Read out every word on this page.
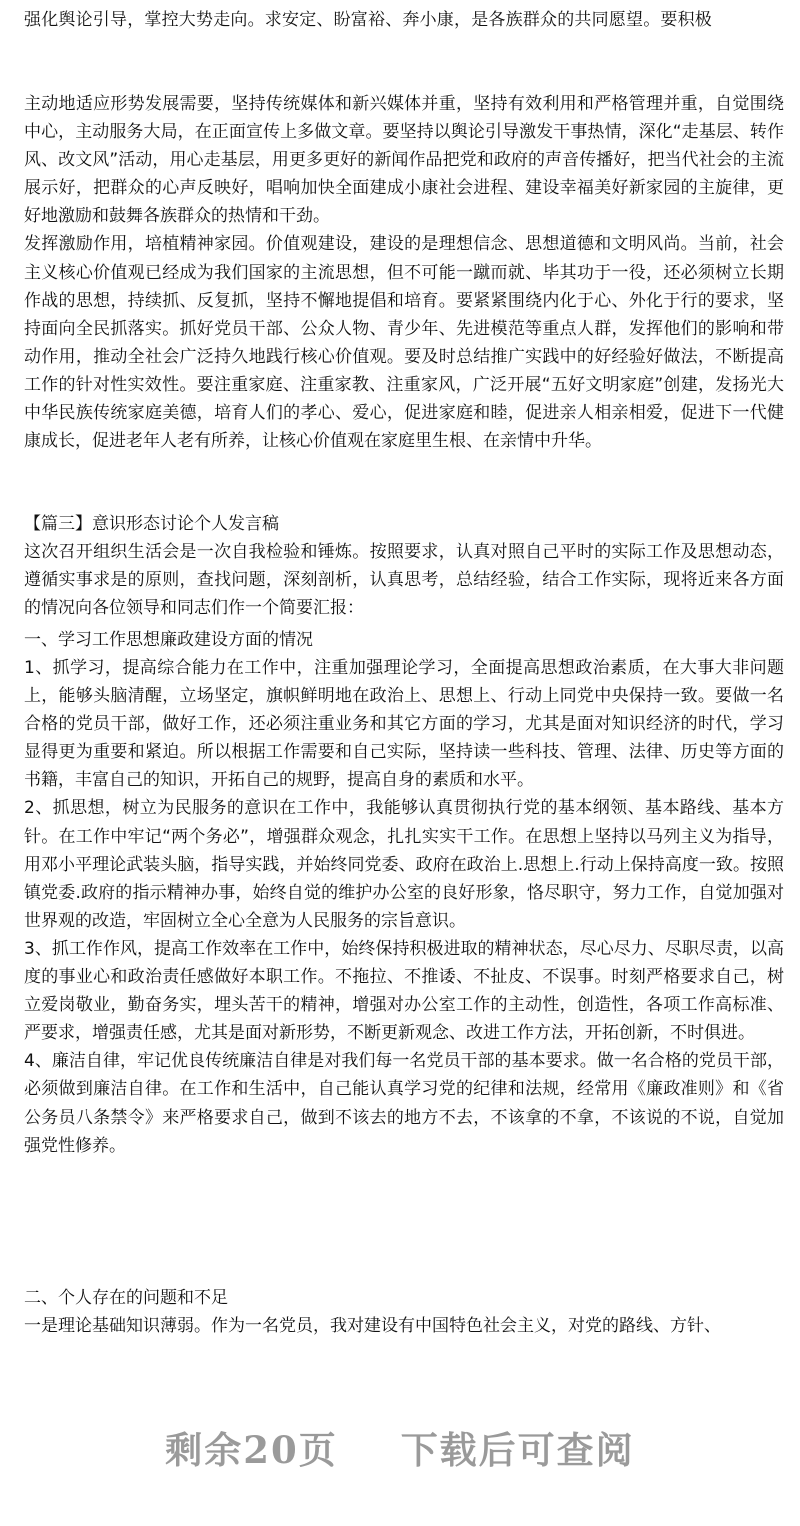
强化舆论引导，掌控大势走向。求安定、盼富裕、奔小康，是各族群众的共同愿望。要积极

主动地适应形势发展需要，坚持传统媒体和新兴媒体并重，坚持有效利用和严格管理并重，自觉围绕中心，主动服务大局，在正面宣传上多做文章。要坚持以舆论引导激发干事热情，深化“走基层、转作风、改文风”活动，用心走基层，用更多更好的新闻作品把党和政府的声音传播好，把当代社会的主流展示好，把群众的心声反映好，唱响加快全面建成小康社会进程、建设幸福美好新家园的主旋律，更好地激励和鼓舞各族群众的热情和干劲。

发挥激励作用，培植精神家园。价值观建设，建设的是理想信念、思想道德和文明风尚。当前，社会主义核心价值观已经成为我们国家的主流思想，但不可能一蹴而就、毕其功于一役，还必须树立长期作战的思想，持续抓、反复抓，坚持不懈地提倡和培育。要紧紧围绕内化于心、外化于行的要求，坚持面向全民抓落实。抓好党员干部、公众人物、青少年、先进模范等重点人群，发挥他们的影响和带动作用，推动全社会广泛持久地践行核心价值观。要及时总结推广实践中的好经验好做法，不断提高工作的针对性实效性。要注重家庭、注重家教、注重家风，广泛开展“五好文明家庭”创建，发扬光大中华民族传统家庭美德，培育人们的孝心、爱心，促进家庭和睦，促进亲人相亲相爱，促进下一代健康成长，促进老年人老有所养，让核心价值观在家庭里生根、在亲情中升华。

【篇三】意识形态讨论个人发言稿

这次召开组织生活会是一次自我检验和锤炼。按照要求，认真对照自己平时的实际工作及思想动态，遵循实事求是的原则，查找问题，深刻剖析，认真思考，总结经验，结合工作实际，现将近来各方面的情况向各位领导和同志们作一个简要汇报：

一、学习工作思想廉政建设方面的情况

1、抓学习，提高综合能力在工作中，注重加强理论学习，全面提高思想政治素质，在大事大非问题上，能够头脑清醒，立场坚定，旗帜鲜明地在政治上、思想上、行动上同党中央保持一致。要做一名合格的党员干部，做好工作，还必须注重业务和其它方面的学习，尤其是面对知识经济的时代，学习显得更为重要和紧迫。所以根据工作需要和自己实际，坚持读一些科技、管理、法律、历史等方面的书籍，丰富自己的知识，开拓自己的规野，提高自身的素质和水平。

2、抓思想，树立为民服务的意识在工作中，我能够认真贯彻执行党的基本纲领、基本路线、基本方针。在工作中牢记“两个务必”，增强群众观念，扎扎实实干工作。在思想上坚持以马列主义为指导，用邓小平理论武装头脑，指导实践，并始终同党委、政府在政治上.思想上.行动上保持高度一致。按照镇党委.政府的指示精神办事，始终自觉的维护办公室的良好形象，恪尽职守，努力工作，自觉加强对世界观的改造，牢固树立全心全意为人民服务的宗旨意识。

3、抓工作作风，提高工作效率在工作中，始终保持积极进取的精神状态，尽心尽力、尽职尽责，以高度的事业心和政治责任感做好本职工作。不拖拉、不推诿、不扯皮、不误事。时刻严格要求自己，树立爱岗敬业，勤奋务实，埋头苦干的精神，增强对办公室工作的主动性，创造性，各项工作高标准、严要求，增强责任感，尤其是面对新形势，不断更新观念、改进工作方法，开拓创新，不时俱进。

4、廉洁自律，牢记优良传统廉洁自律是对我们每一名党员干部的基本要求。做一名合格的党员干部，必须做到廉洁自律。在工作和生活中，自己能认真学习党的纪律和法规，经常用《廉政准则》和《省公务员八条禁令》来严格要求自己，做到不该去的地方不去，不该拿的不拿，不该说的不说，自觉加强党性修养。

二、个人存在的问题和不足

一是理论基础知识薄弱。作为一名党员，我对建设有中国特色社会主义，对党的路线、方针、

剩余20页 下载后可查阅
